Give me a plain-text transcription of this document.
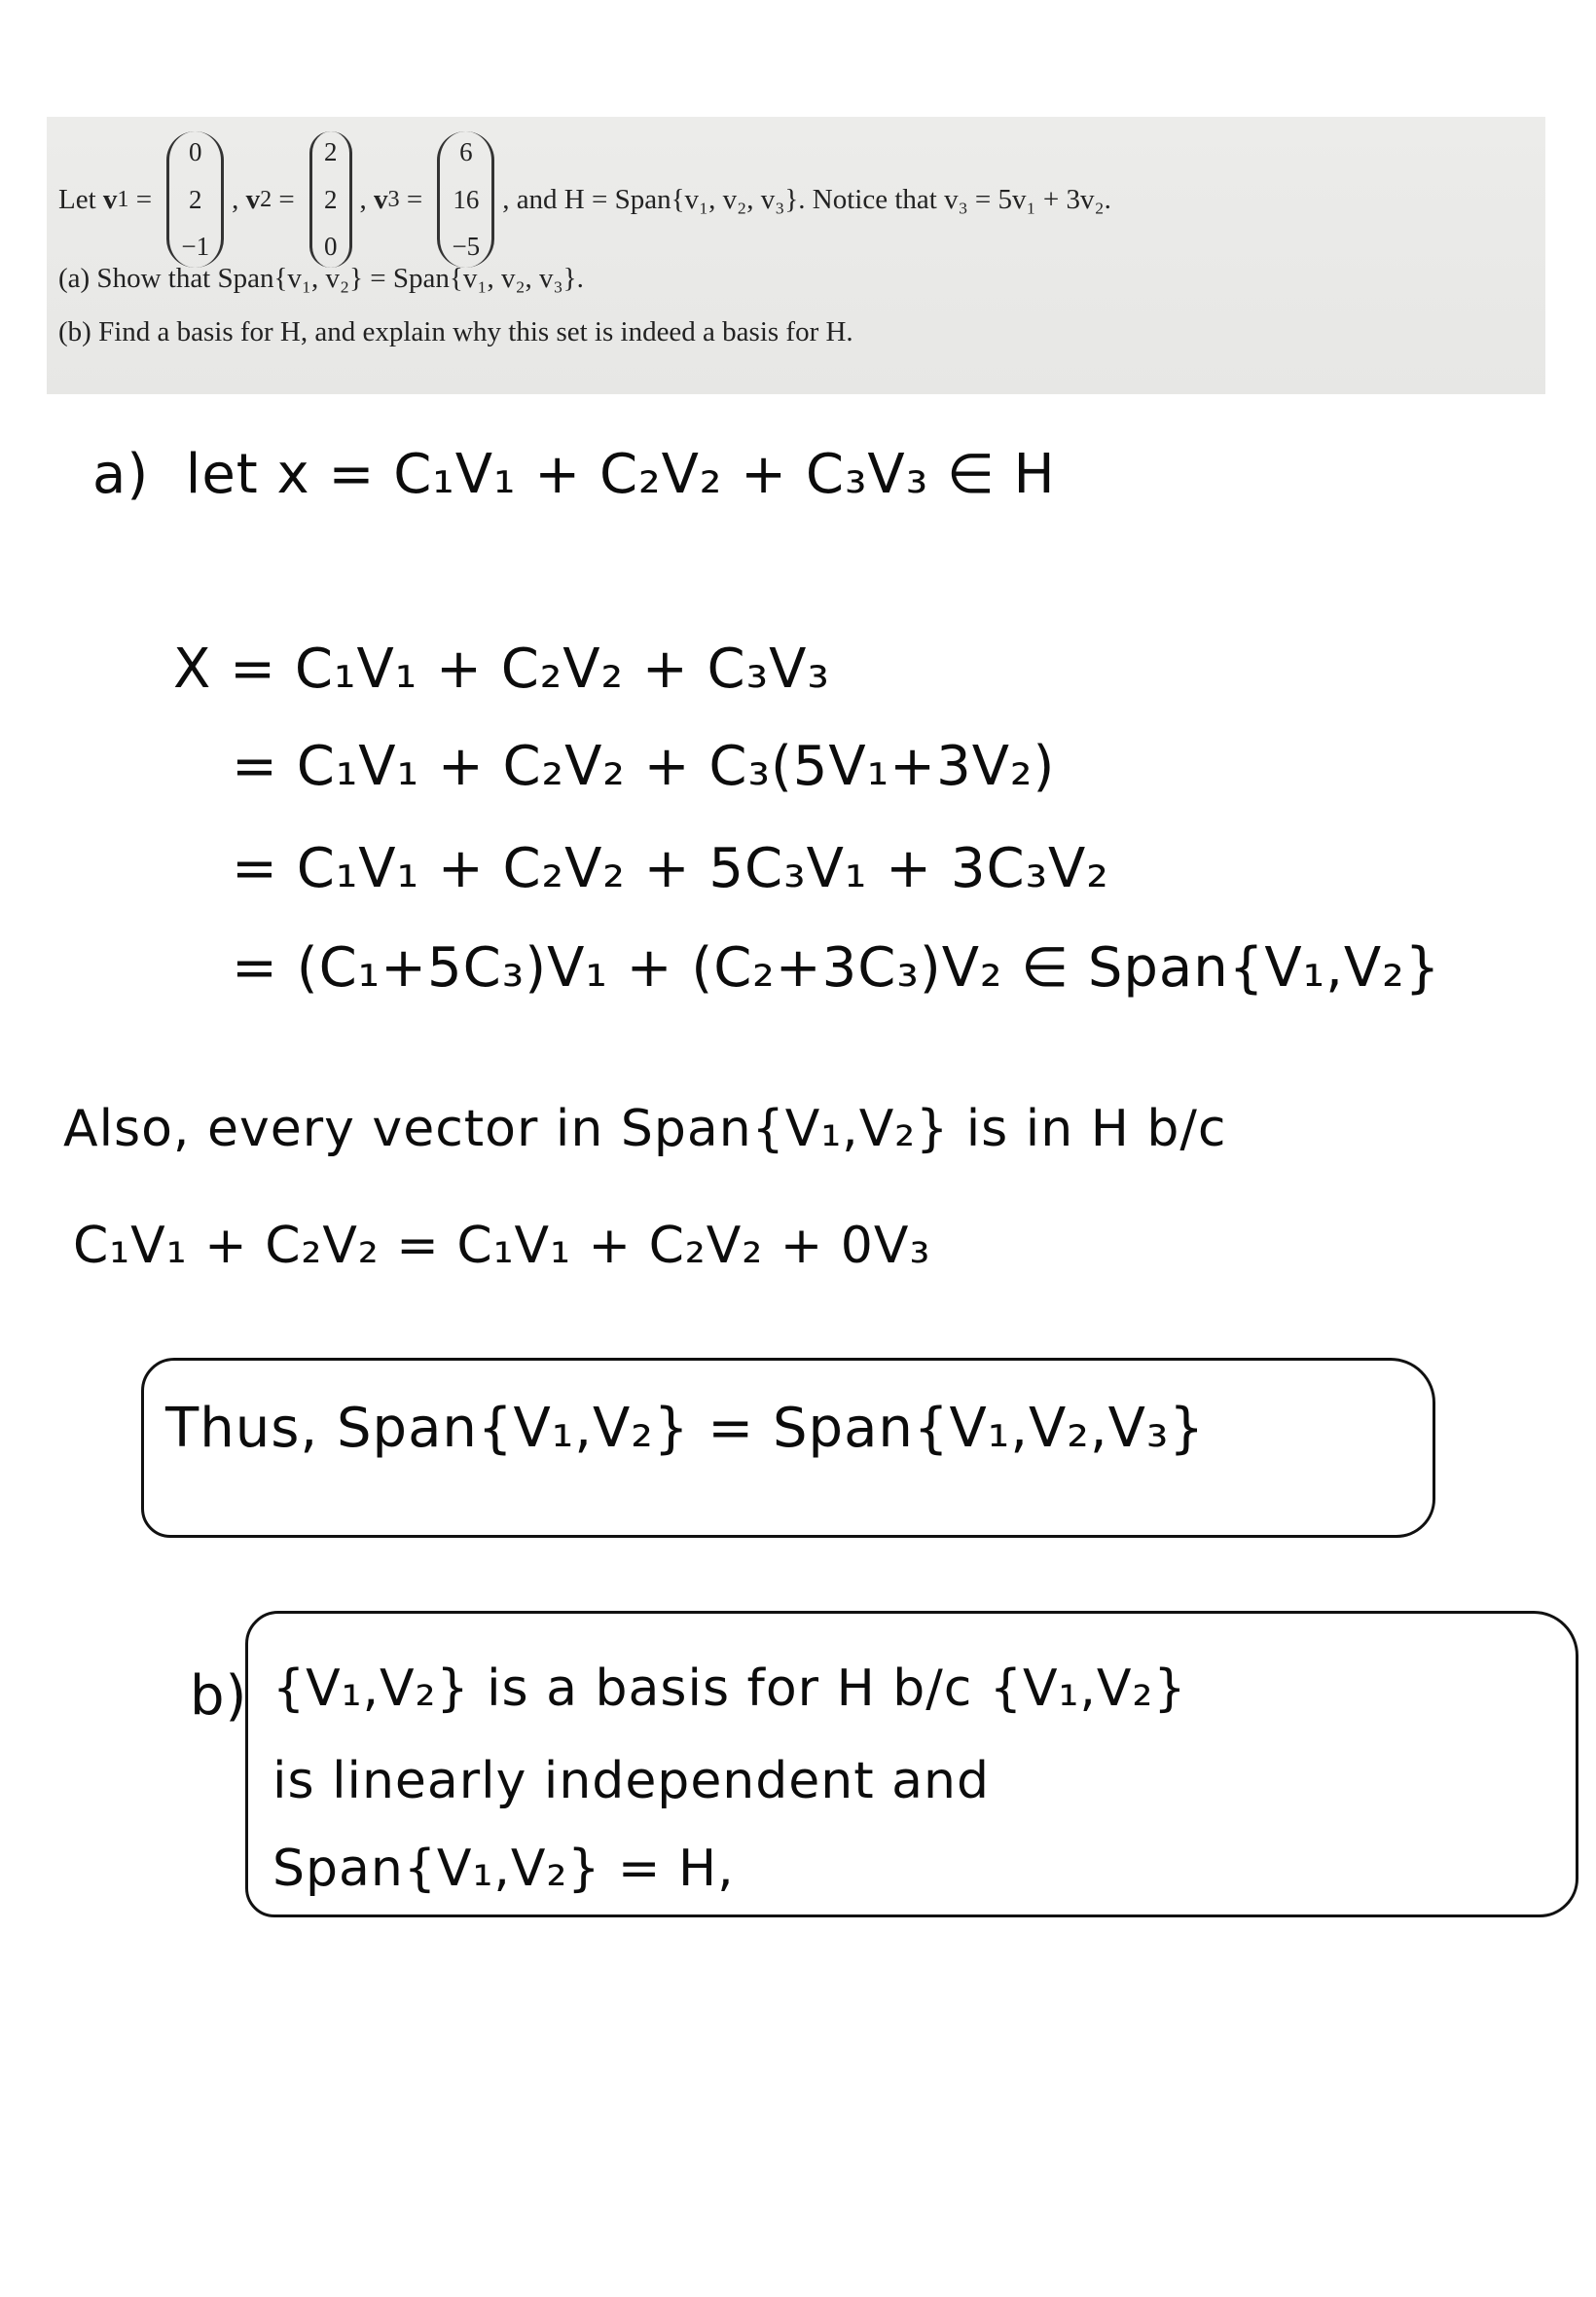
Let v 1 =
0
2
−1
, v 2 =
2
2
0
, v 3 =
6
16
−5
, and H = Span{v₁, v₂, v₃}. Notice that v₃ = 5v₁ + 3v₂.
(a) Show that Span{v₁, v₂} = Span{v₁, v₂, v₃}.
(b) Find a basis for H, and explain why this set is indeed a basis for H.
a)  let x = C₁V₁ + C₂V₂ + C₃V₃ ∈ H
X = C₁V₁ + C₂V₂ + C₃V₃
= C₁V₁ + C₂V₂ + C₃(5V₁+3V₂)
= C₁V₁ + C₂V₂ + 5C₃V₁ + 3C₃V₂
= (C₁+5C₃)V₁ + (C₂+3C₃)V₂ ∈ Span{V₁,V₂}
Also, every vector in Span{V₁,V₂} is in H b/c
C₁V₁ + C₂V₂ = C₁V₁ + C₂V₂ + 0V₃
Thus, Span{V₁,V₂} = Span{V₁,V₂,V₃}
b) {V₁,V₂} is a basis for H b/c {V₁,V₂}
is linearly independent and
Span{V₁,V₂} = H,
